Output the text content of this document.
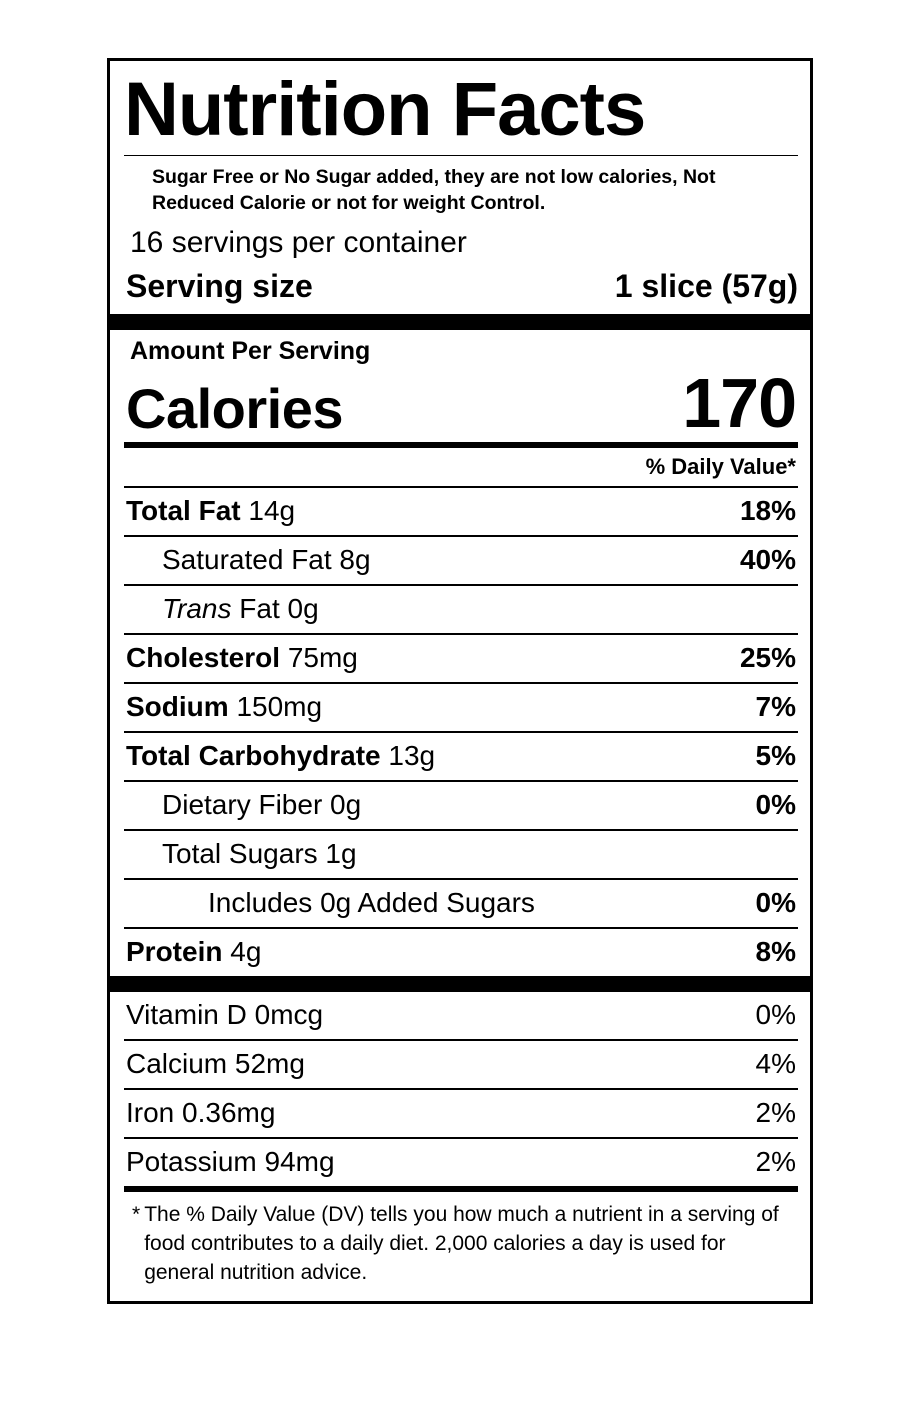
Nutrition Facts
Sugar Free or No Sugar added, they are not low calories, Not Reduced Calorie or not for weight Control.
16 servings per container
Serving size	1 slice (57g)
Amount Per Serving
Calories	170
% Daily Value*
Total Fat 14g	18%
Saturated Fat 8g	40%
Trans Fat 0g
Cholesterol 75mg	25%
Sodium 150mg	7%
Total Carbohydrate 13g	5%
Dietary Fiber 0g	0%
Total Sugars 1g
Includes 0g Added Sugars	0%
Protein 4g	8%
Vitamin D 0mcg	0%
Calcium 52mg	4%
Iron 0.36mg	2%
Potassium 94mg	2%
* The % Daily Value (DV) tells you how much a nutrient in a serving of food contributes to a daily diet. 2,000 calories a day is used for general nutrition advice.
